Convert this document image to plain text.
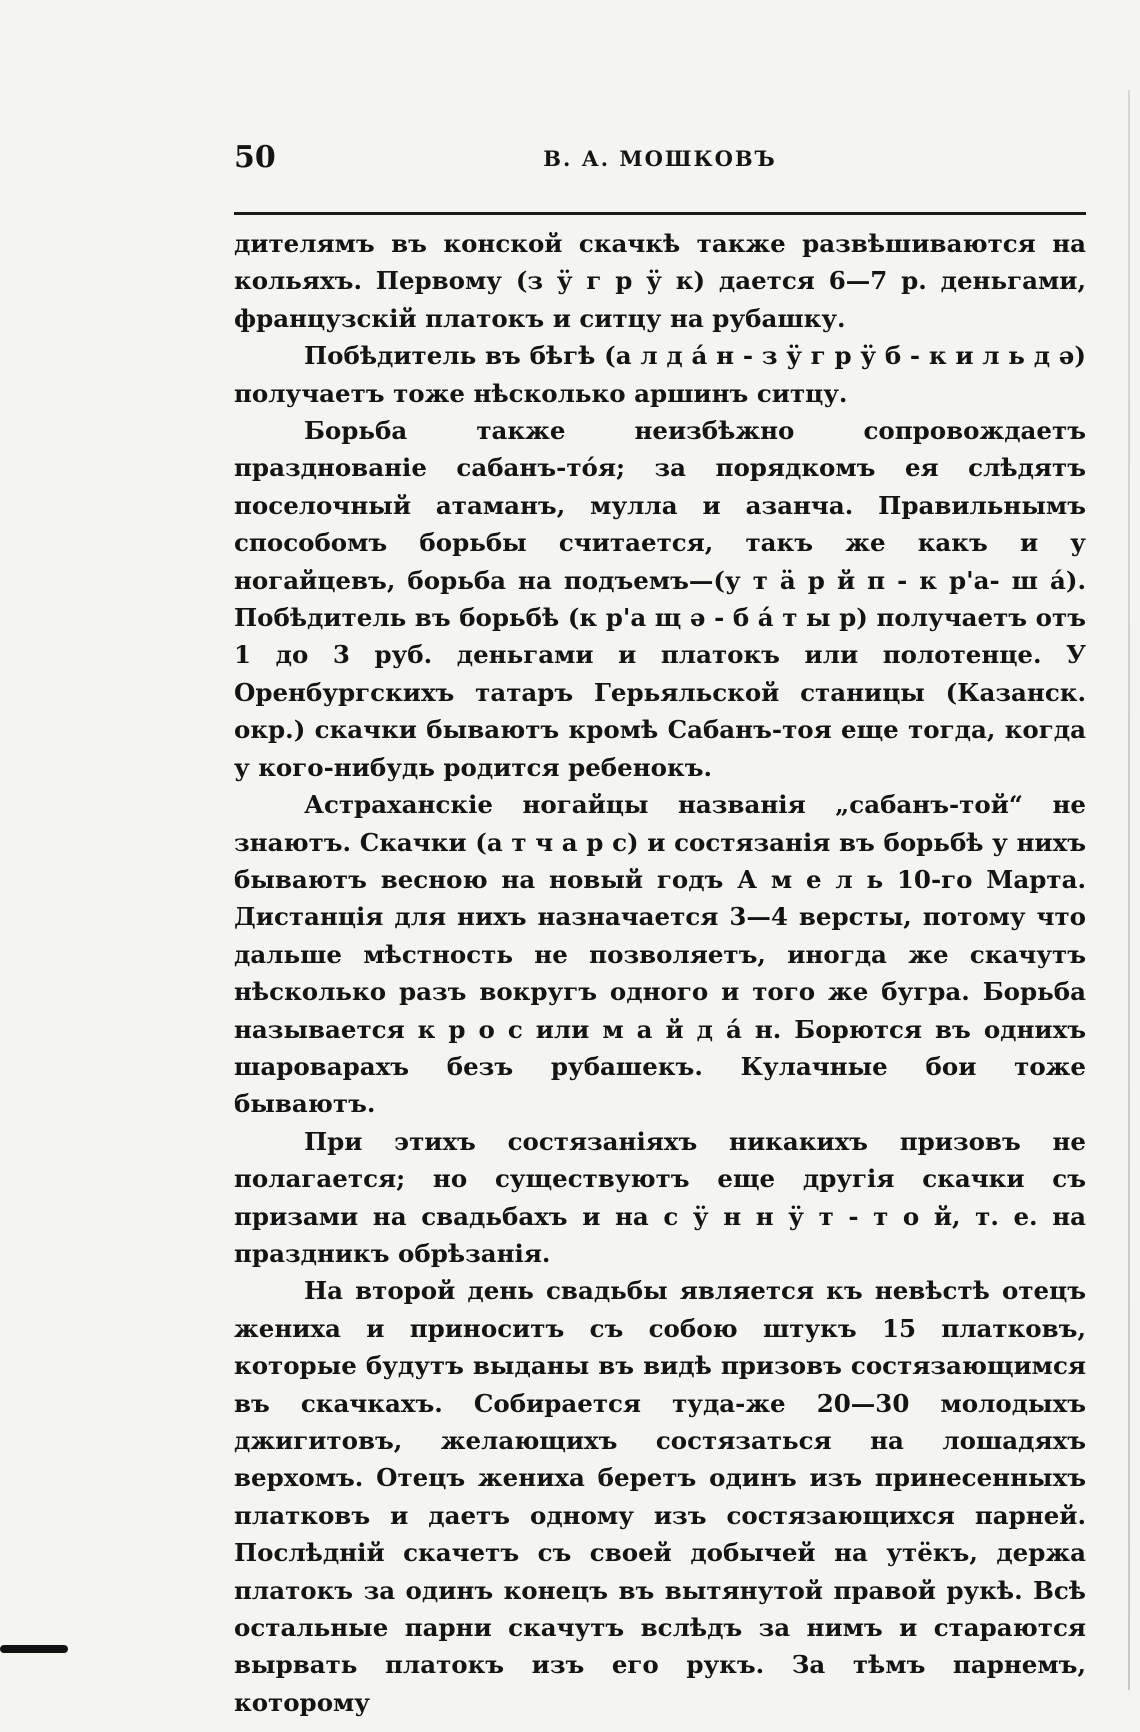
50	В. А. МОШКОВЪ

дителямъ въ конской скачкѣ также развѣшиваются на кольяхъ. Первому (з ӱ г р ӱ к) дается 6—7 р. деньгами, французскій платокъ и ситцу на рубашку.

Побѣдитель въ бѣгѣ (а л д á н - з ӱ г р ӱ б - к и л ь д ә) получаетъ тоже нѣсколько аршинъ ситцу.

Борьба также неизбѣжно сопровождаетъ празднованіе сабанъ-тóя; за порядкомъ ея слѣдятъ поселочный атаманъ, мулла и азанча. Правильнымъ способомъ борьбы считается, такъ же какъ и у ногайцевъ, борьба на подъемъ—(у т ä р й п - к р'а- ш á). Побѣдитель въ борьбѣ (к р'а щ ә - б á т ы р) получаетъ отъ 1 до 3 руб. деньгами и платокъ или полотенце. У Оренбургскихъ татаръ Герьяльской станицы (Казанск. окр.) скачки бываютъ кромѣ Сабанъ-тоя еще тогда, когда у кого-нибудь родится ребенокъ.

Астраханскіе ногайцы названія „сабанъ-той“ не знаютъ. Скачки (а т ч а р с) и состязанія въ борьбѣ у нихъ бываютъ весною на новый годъ А м е л ь 10-го Марта. Дистанція для нихъ назначается 3—4 версты, потому что дальше мѣстность не позволяетъ, иногда же скачутъ нѣсколько разъ вокругъ одного и того же бугра. Борьба называется к р о с или м а й д á н. Борются въ однихъ шароварахъ безъ рубашекъ. Кулачные бои тоже бываютъ.

При этихъ состязаніяхъ никакихъ призовъ не полагается; но существуютъ еще другія скачки съ призами на свадьбахъ и на с ӱ н н ӱ т - т о й, т. е. на праздникъ обрѣзанія.

На второй день свадьбы является къ невѣстѣ отецъ жениха и приноситъ съ собою штукъ 15 платковъ, которые будутъ выданы въ видѣ призовъ состязающимся въ скачкахъ. Собирается туда-же 20—30 молодыхъ джигитовъ, желающихъ состязаться на лошадяхъ верхомъ. Отецъ жениха беретъ одинъ изъ принесенныхъ платковъ и даетъ одному изъ состязающихся парней. Послѣдній скачетъ съ своей добычей на утёкъ, держа платокъ за одинъ конецъ въ вытянутой правой рукѣ. Всѣ остальные парни скачутъ вслѣдъ за нимъ и стараются вырвать платокъ изъ его рукъ. За тѣмъ парнемъ, которому
